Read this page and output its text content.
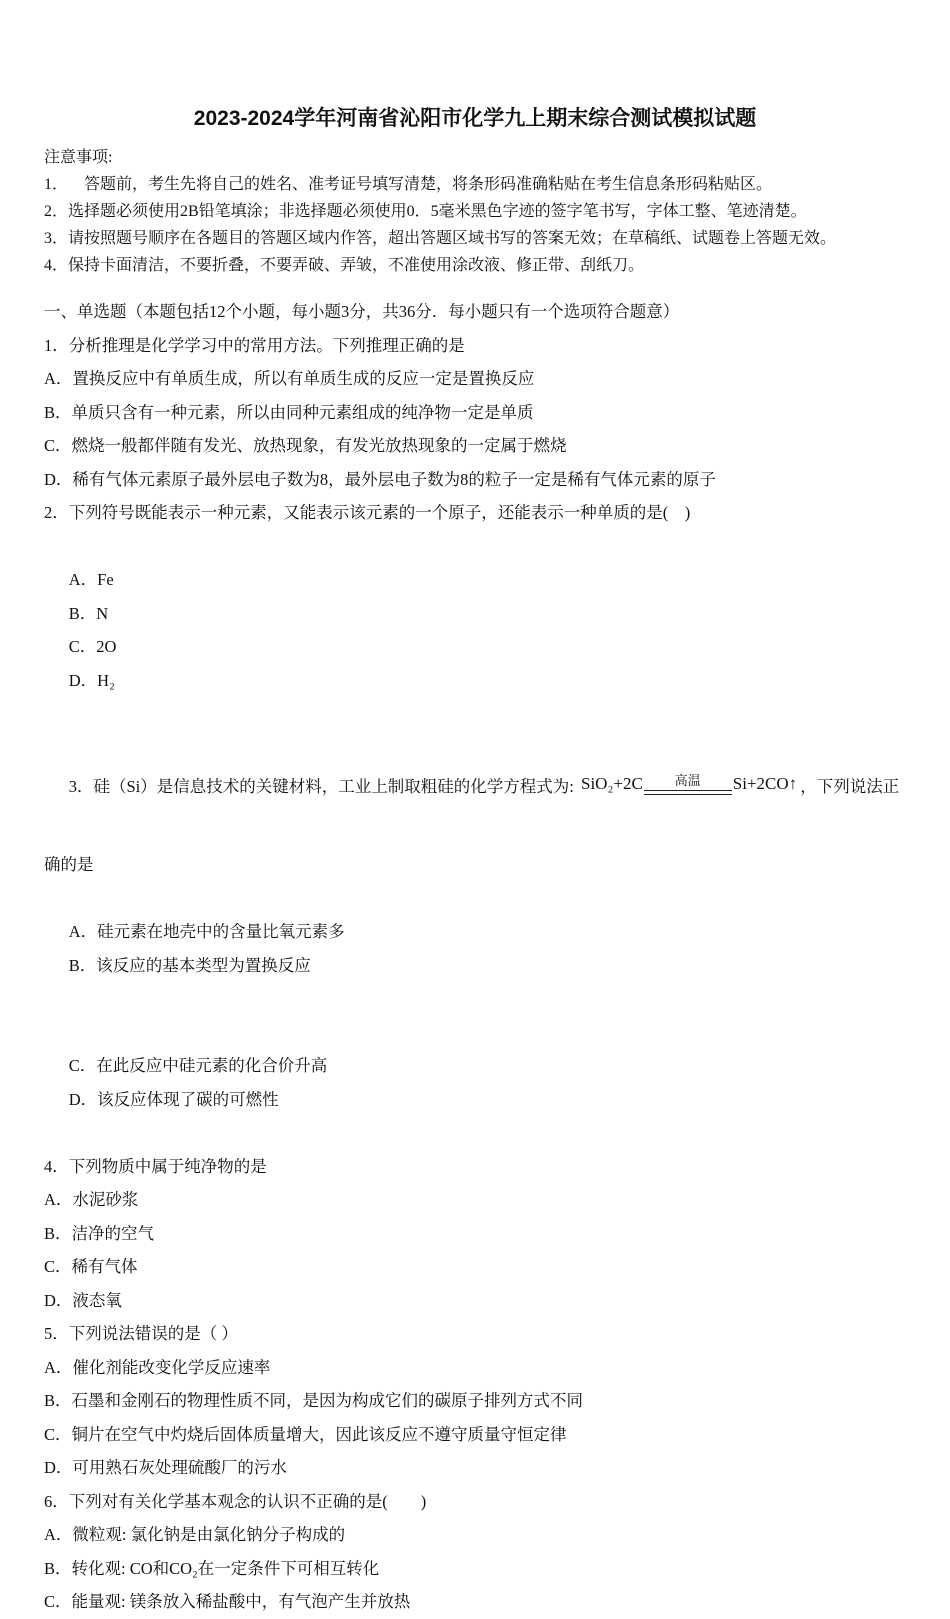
2023-2024学年河南省沁阳市化学九上期末综合测试模拟试题

注意事项:

1．    答题前，考生先将自己的姓名、准考证号填写清楚，将条形码准确粘贴在考生信息条形码粘贴区。

2．选择题必须使用2B铅笔填涂；非选择题必须使用0．5毫米黑色字迹的签字笔书写，字体工整、笔迹清楚。

3．请按照题号顺序在各题目的答题区域内作答，超出答题区域书写的答案无效；在草稿纸、试题卷上答题无效。

4．保持卡面清洁，不要折叠，不要弄破、弄皱，不准使用涂改液、修正带、刮纸刀。

一、单选题（本题包括12个小题，每小题3分，共36分．每小题只有一个选项符合题意）

1．分析推理是化学学习中的常用方法。下列推理正确的是

A．置换反应中有单质生成，所以有单质生成的反应一定是置换反应

B．单质只含有一种元素，所以由同种元素组成的纯净物一定是单质

C．燃烧一般都伴随有发光、放热现象，有发光放热现象的一定属于燃烧

D．稀有气体元素原子最外层电子数为8，最外层电子数为8的粒子一定是稀有气体元素的原子

2．下列符号既能表示一种元素，又能表示该元素的一个原子，还能表示一种单质的是(　)

A．Fe
B．N
C．2O
D．H₂

3．硅（Si）是信息技术的关键材料，工业上制取粗硅的化学方程式为: SiO₂+2C 高温 Si+2CO↑ ，下列说法正

确的是

A．硅元素在地壳中的含量比氧元素多
B．该反应的基本类型为置换反应

C．在此反应中硅元素的化合价升高
D．该反应体现了碳的可燃性

4．下列物质中属于纯净物的是

A．水泥砂浆

B．洁净的空气

C．稀有气体

D．液态氧

5．下列说法错误的是（ ）

A．催化剂能改变化学反应速率

B．石墨和金刚石的物理性质不同，是因为构成它们的碳原子排列方式不同

C．铜片在空气中灼烧后固体质量增大，因此该反应不遵守质量守恒定律

D．可用熟石灰处理硫酸厂的污水

6．下列对有关化学基本观念的认识不正确的是(　　)

A．微粒观: 氯化钠是由氯化钠分子构成的

B．转化观: CO和CO₂在一定条件下可相互转化

C．能量观: 镁条放入稀盐酸中，有气泡产生并放热
